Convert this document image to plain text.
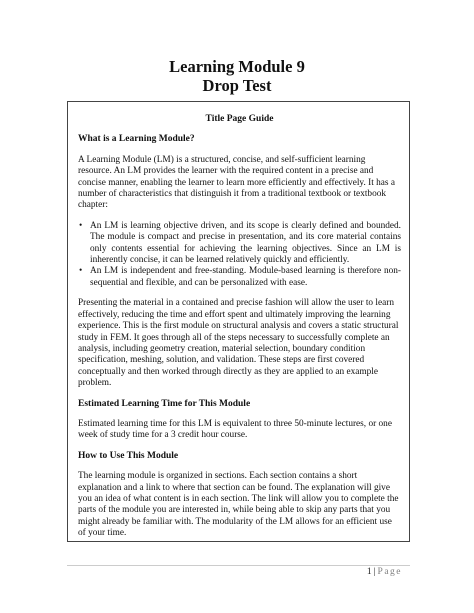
Learning Module 9
Drop Test
Title Page Guide
What is a Learning Module?

A Learning Module (LM) is a structured, concise, and self-sufficient learning resource. An LM provides the learner with the required content in a precise and concise manner, enabling the learner to learn more efficiently and effectively. It has a number of characteristics that distinguish it from a traditional textbook or textbook chapter:

• An LM is learning objective driven, and its scope is clearly defined and bounded. The module is compact and precise in presentation, and its core material contains only contents essential for achieving the learning objectives. Since an LM is inherently concise, it can be learned relatively quickly and efficiently.
• An LM is independent and free-standing. Module-based learning is therefore non-sequential and flexible, and can be personalized with ease.

Presenting the material in a contained and precise fashion will allow the user to learn effectively, reducing the time and effort spent and ultimately improving the learning experience. This is the first module on structural analysis and covers a static structural study in FEM. It goes through all of the steps necessary to successfully complete an analysis, including geometry creation, material selection, boundary condition specification, meshing, solution, and validation. These steps are first covered conceptually and then worked through directly as they are applied to an example problem.

Estimated Learning Time for This Module

Estimated learning time for this LM is equivalent to three 50-minute lectures, or one week of study time for a 3 credit hour course.

How to Use This Module

The learning module is organized in sections. Each section contains a short explanation and a link to where that section can be found. The explanation will give you an idea of what content is in each section. The link will allow you to complete the parts of the module you are interested in, while being able to skip any parts that you might already be familiar with. The modularity of the LM allows for an efficient use of your time.

1 | Page
